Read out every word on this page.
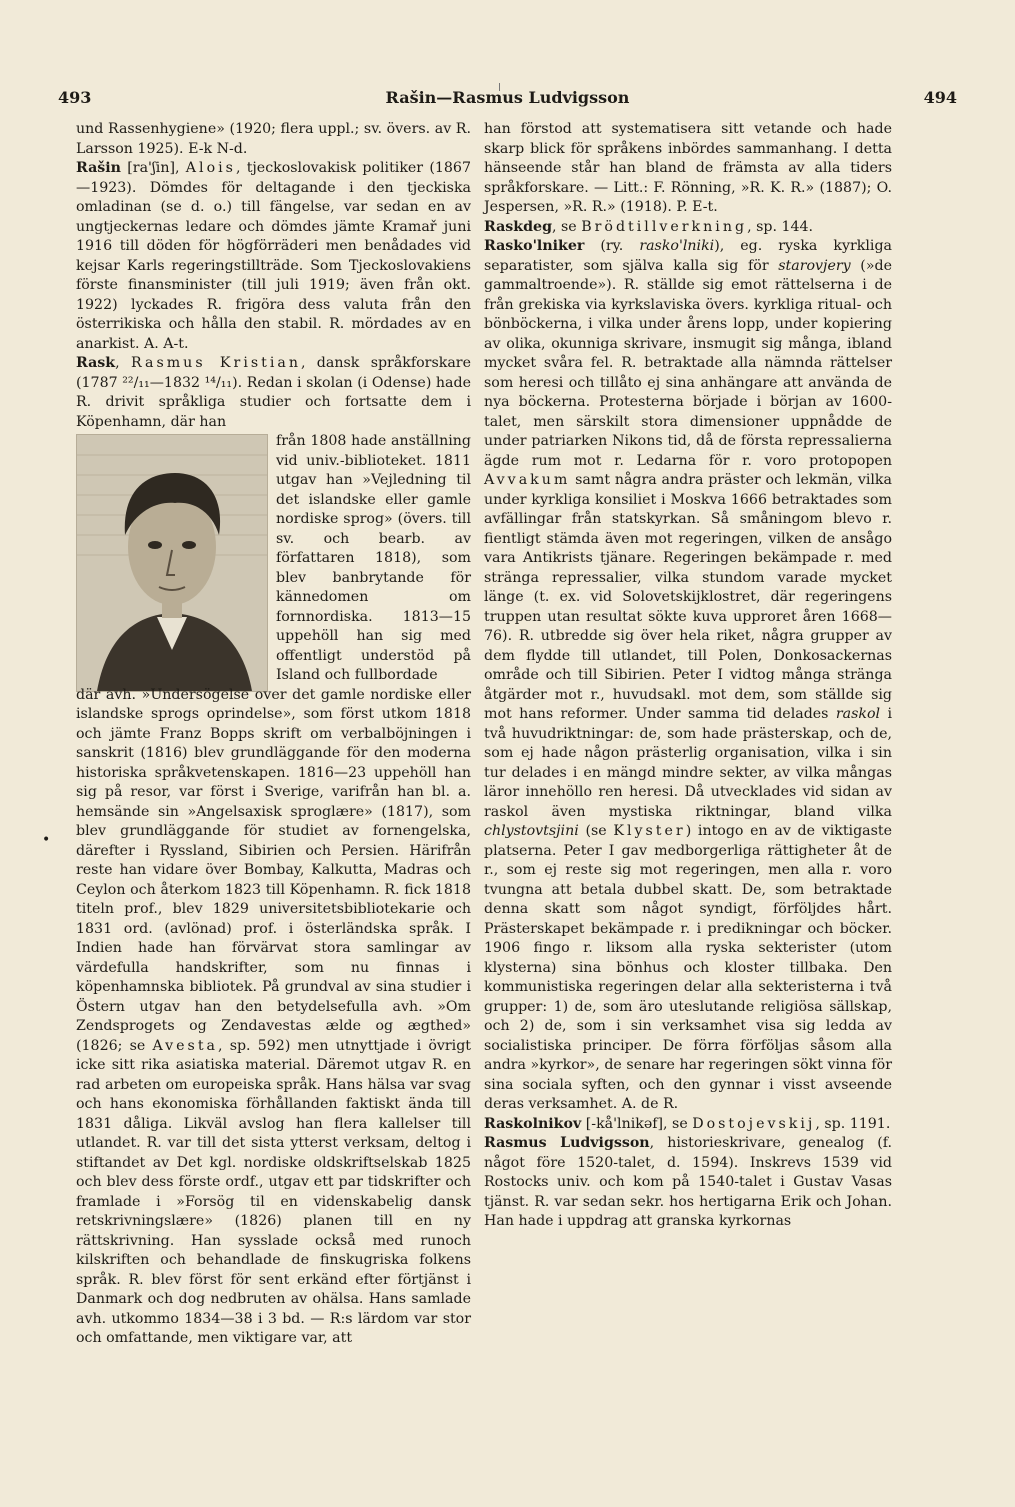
493	Rašin—Rasmus Ludvigsson	494
•

und Rassenhygiene» (1920; flera uppl.; sv. övers. av R. Larsson 1925). E-k N-d.

Rašin [ra'ʃin], Alois, tjeckoslovakisk politiker (1867—1923). Dömdes för deltagande i den tjeckiska omladinan (se d. o.) till fängelse, var sedan en av ungtjeckernas ledare och dömdes jämte Kramař juni 1916 till döden för högförräderi men benådades vid kejsar Karls regeringstillträde. Som Tjeckoslovakiens förste finansminister (till juli 1919; även från okt. 1922) lyckades R. frigöra dess valuta från den österrikiska och hålla den stabil. R. mördades av en anarkist. A. A-t.

Rask, Rasmus Kristian, dansk språkforskare (1787 ²²/₁₁—1832 ¹⁴/₁₁). Redan i skolan (i Odense) hade R. drivit språkliga studier och fortsatte dem i Köpenhamn, där han

från 1808 hade anställning vid univ.-biblioteket. 1811 utgav han »Vejledning til det islandske eller gamle nordiske sprog» (övers. till sv. och bearb. av författaren 1818), som blev banbrytande för kännedomen om fornnordiska. 1813—15 uppehöll han sig med offentligt understöd på Island och fullbordade

där avh. »Undersögelse over det gamle nordiske eller islandske sprogs oprindelse», som först utkom 1818 och jämte Franz Bopps skrift om verbalböjningen i sanskrit (1816) blev grundläggande för den moderna historiska språkvetenskapen. 1816—23 uppehöll han sig på resor, var först i Sverige, varifrån han bl. a. hemsände sin »Angelsaxisk sproglære» (1817), som blev grundläggande för studiet av fornengelska, därefter i Ryssland, Sibirien och Persien. Härifrån reste han vidare över Bombay, Kalkutta, Madras och Ceylon och återkom 1823 till Köpenhamn. R. fick 1818 titeln prof., blev 1829 universitetsbibliotekarie och 1831 ord. (avlönad) prof. i österländska språk. I Indien hade han förvärvat stora samlingar av värdefulla handskrifter, som nu finnas i köpenhamnska bibliotek. På grundval av sina studier i Östern utgav han den betydelsefulla avh. »Om Zendsprogets og Zendavestas ælde og ægthed» (1826; se Avesta, sp. 592) men utnyttjade i övrigt icke sitt rika asiatiska material. Däremot utgav R. en rad arbeten om europeiska språk. Hans hälsa var svag och hans ekonomiska förhållanden faktiskt ända till 1831 dåliga. Likväl avslog han flera kallelser till utlandet. R. var till det sista ytterst verksam, deltog i stiftandet av Det kgl. nordiske oldskriftselskab 1825 och blev dess förste ordf., utgav ett par tidskrifter och framlade i »Forsög til en videnskabelig dansk retskrivningslære» (1826) planen till en ny rättskrivning. Han sysslade också med runoch kilskriften och behandlade de finskugriska folkens språk. R. blev först för sent erkänd efter förtjänst i Danmark och dog nedbruten av ohälsa. Hans samlade avh. utkommo 1834—38 i 3 bd. — R:s lärdom var stor och omfattande, men viktigare var, att

han förstod att systematisera sitt vetande och hade skarp blick för språkens inbördes sammanhang. I detta hänseende står han bland de främsta av alla tiders språkforskare. — Litt.: F. Rönning, »R. K. R.» (1887); O. Jespersen, »R. R.» (1918). P. E-t.

Raskdeg, se Brödtillverkning, sp. 144.

Rasko'lniker (ry. rasko'lniki), eg. ryska kyrkliga separatister, som själva kalla sig för starovjery (»de gammaltroende»). R. ställde sig emot rättelserna i de från grekiska via kyrkslaviska övers. kyrkliga ritual- och bönböckerna, i vilka under årens lopp, under kopiering av olika, okunniga skrivare, insmugit sig många, ibland mycket svåra fel. R. betraktade alla nämnda rättelser som heresi och tillåto ej sina anhängare att använda de nya böckerna. Protesterna började i början av 1600-talet, men särskilt stora dimensioner uppnådde de under patriarken Nikons tid, då de första repressalierna ägde rum mot r. Ledarna för r. voro protopopen Avvakum samt några andra präster och lekmän, vilka under kyrkliga konsiliet i Moskva 1666 betraktades som avfällingar från statskyrkan. Så småningom blevo r. fientligt stämda även mot regeringen, vilken de ansågo vara Antikrists tjänare. Regeringen bekämpade r. med stränga repressalier, vilka stundom varade mycket länge (t. ex. vid Solovetskijklostret, där regeringens truppen utan resultat sökte kuva upproret åren 1668—76). R. utbredde sig över hela riket, några grupper av dem flydde till utlandet, till Polen, Donkosackernas område och till Sibirien. Peter I vidtog många stränga åtgärder mot r., huvudsakl. mot dem, som ställde sig mot hans reformer. Under samma tid delades raskol i två huvudriktningar: de, som hade prästerskap, och de, som ej hade någon prästerlig organisation, vilka i sin tur delades i en mängd mindre sekter, av vilka mångas läror innehöllo ren heresi. Då utvecklades vid sidan av raskol även mystiska riktningar, bland vilka chlystovtsjini (se Klyster) intogo en av de viktigaste platserna. Peter I gav medborgerliga rättigheter åt de r., som ej reste sig mot regeringen, men alla r. voro tvungna att betala dubbel skatt. De, som betraktade denna skatt som något syndigt, förföljdes hårt. Prästerskapet bekämpade r. i predikningar och böcker. 1906 fingo r. liksom alla ryska sekterister (utom klysterna) sina bönhus och kloster tillbaka. Den kommunistiska regeringen delar alla sekteristerna i två grupper: 1) de, som äro uteslutande religiösa sällskap, och 2) de, som i sin verksamhet visa sig ledda av socialistiska principer. De förra förföljas såsom alla andra »kyrkor», de senare har regeringen sökt vinna för sina sociala syften, och den gynnar i visst avseende deras verksamhet. A. de R.

Raskolnikov [-kå'lnikəf], se Dostojevskij, sp. 1191.

Rasmus Ludvigsson, historieskrivare, genealog (f. något före 1520-talet, d. 1594). Inskrevs 1539 vid Rostocks univ. och kom på 1540-talet i Gustav Vasas tjänst. R. var sedan sekr. hos hertigarna Erik och Johan. Han hade i uppdrag att granska kyrkornas
